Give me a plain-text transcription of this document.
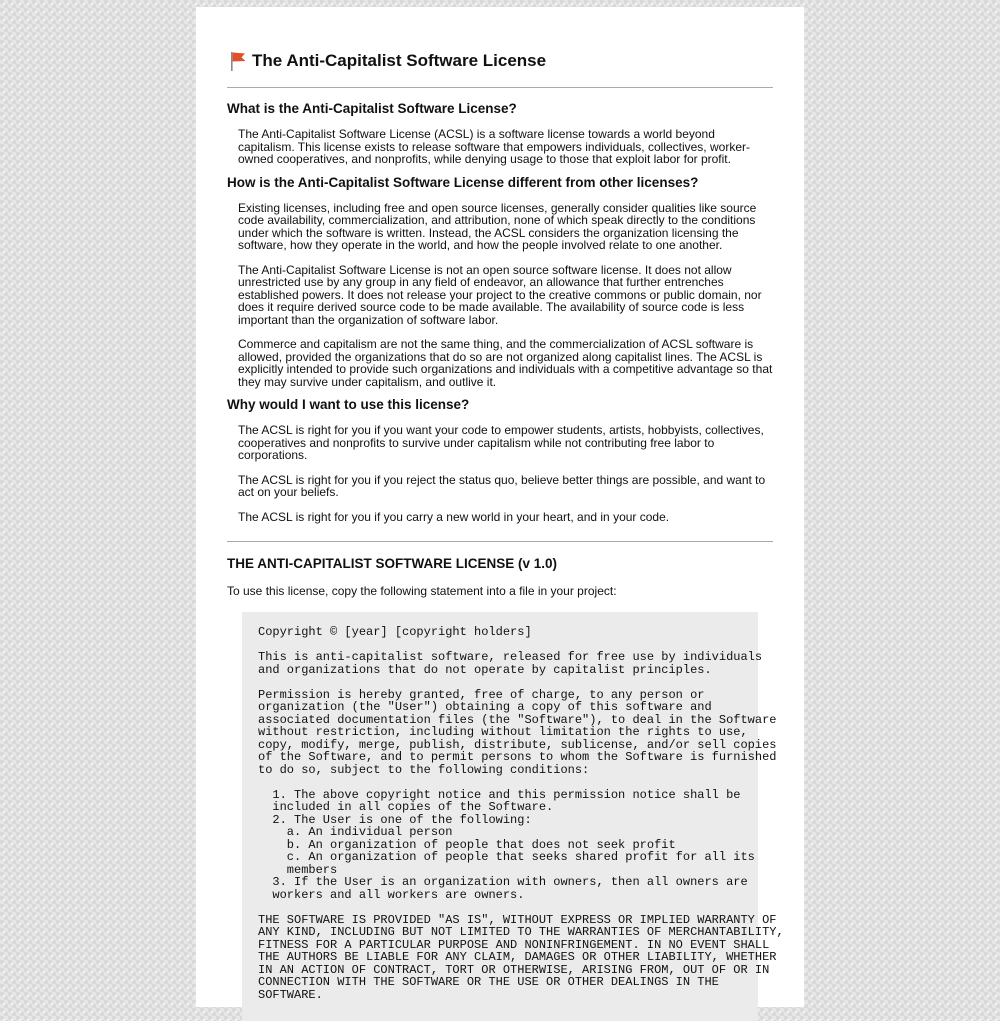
The Anti-Capitalist Software License
What is the Anti-Capitalist Software License?

The Anti-Capitalist Software License (ACSL) is a software license towards a world beyond capitalism. This license exists to release software that empowers individuals, collectives, worker-owned cooperatives, and nonprofits, while denying usage to those that exploit labor for profit.

How is the Anti-Capitalist Software License different from other licenses?

Existing licenses, including free and open source licenses, generally consider qualities like source code availability, commercialization, and attribution, none of which speak directly to the conditions under which the software is written. Instead, the ACSL considers the organization licensing the software, how they operate in the world, and how the people involved relate to one another.

The Anti-Capitalist Software License is not an open source software license. It does not allow unrestricted use by any group in any field of endeavor, an allowance that further entrenches established powers. It does not release your project to the creative commons or public domain, nor does it require derived source code to be made available. The availability of source code is less important than the organization of software labor.

Commerce and capitalism are not the same thing, and the commercialization of ACSL software is allowed, provided the organizations that do so are not organized along capitalist lines. The ACSL is explicitly intended to provide such organizations and individuals with a competitive advantage so that they may survive under capitalism, and outlive it.

Why would I want to use this license?

The ACSL is right for you if you want your code to empower students, artists, hobbyists, collectives, cooperatives and nonprofits to survive under capitalism while not contributing free labor to corporations.

The ACSL is right for you if you reject the status quo, believe better things are possible, and want to act on your beliefs.

The ACSL is right for you if you carry a new world in your heart, and in your code.

THE ANTI-CAPITALIST SOFTWARE LICENSE (v 1.0)

To use this license, copy the following statement into a file in your project:

Copyright © [year] [copyright holders]
This is anti-capitalist software, released for free use by individuals
and organizations that do not operate by capitalist principles.
Permission is hereby granted, free of charge, to any person or
organization (the "User") obtaining a copy of this software and
associated documentation files (the "Software"), to deal in the Software
without restriction, including without limitation the rights to use,
copy, modify, merge, publish, distribute, sublicense, and/or sell copies
of the Software, and to permit persons to whom the Software is furnished
to do so, subject to the following conditions:
1. The above copyright notice and this permission notice shall be
included in all copies of the Software.
2. The User is one of the following:
a. An individual person
b. An organization of people that does not seek profit
c. An organization of people that seeks shared profit for all its
members
3. If the User is an organization with owners, then all owners are
workers and all workers are owners.
THE SOFTWARE IS PROVIDED "AS IS", WITHOUT EXPRESS OR IMPLIED WARRANTY OF
ANY KIND, INCLUDING BUT NOT LIMITED TO THE WARRANTIES OF MERCHANTABILITY,
FITNESS FOR A PARTICULAR PURPOSE AND NONINFRINGEMENT. IN NO EVENT SHALL
THE AUTHORS BE LIABLE FOR ANY CLAIM, DAMAGES OR OTHER LIABILITY, WHETHER
IN AN ACTION OF CONTRACT, TORT OR OTHERWISE, ARISING FROM, OUT OF OR IN
CONNECTION WITH THE SOFTWARE OR THE USE OR OTHER DEALINGS IN THE
SOFTWARE.
